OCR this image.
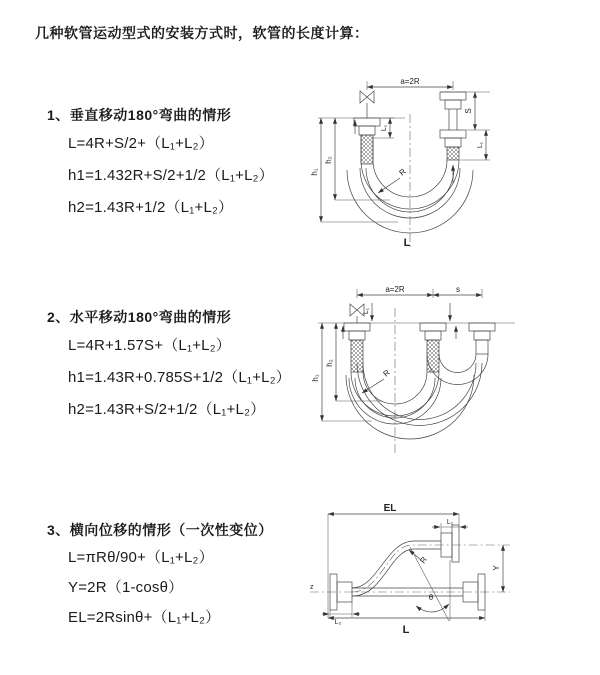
几种软管运动型式的安装方式时，软管的长度计算：
1、垂直移动180°弯曲的情形
L=4R+S/2+（L₁+L₂）
h1=1.432R+S/2+1/2（L₁+L₂）
h2=1.43R+1/2（L₁+L₂）
2、水平移动180°弯曲的情形
L=4R+1.57S+（L₁+L₂）
h1=1.43R+0.785S+1/2（L₁+L₂）
h2=1.43R+S/2+1/2（L₁+L₂）
3、横向位移的情形（一次性变位）
L=πRθ/90+（L₁+L₂）
Y=2R（1-cosθ）
EL=2Rsinθ+（L₁+L₂）
a=2R
L₁
S
L₁
h₂
h₁	R
L
a=2R	s
L₁
h₂
h₁	R
z
EL
L₁
Y
θ
R
L₂
L
